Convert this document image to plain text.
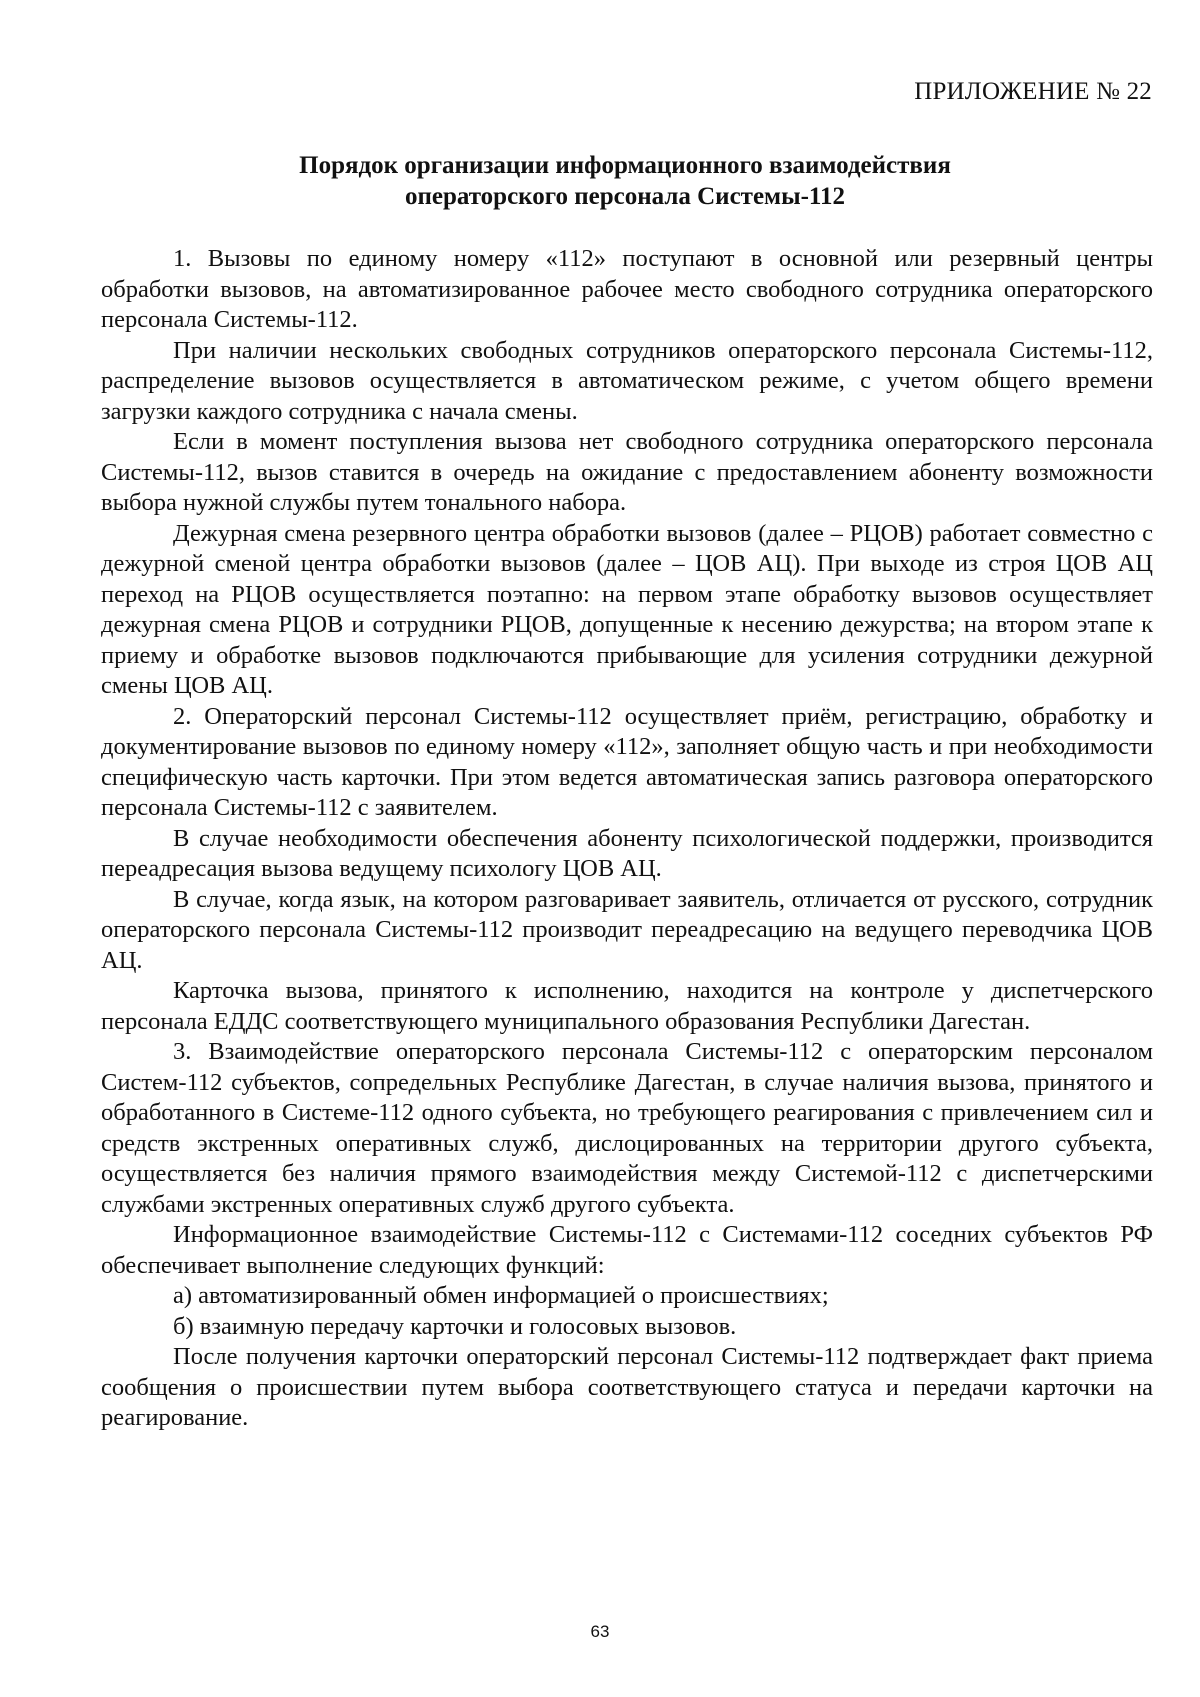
ПРИЛОЖЕНИЕ № 22
Порядок организации информационного взаимодействия
операторского персонала Системы-112

1. Вызовы по единому номеру «112» поступают в основной или резервный центры обработки вызовов, на автоматизированное рабочее место свободного сотрудника операторского персонала Системы-112.

При наличии нескольких свободных сотрудников операторского персонала Системы-112, распределение вызовов осуществляется в автоматическом режиме, с учетом общего времени загрузки каждого сотрудника с начала смены.

Если в момент поступления вызова нет свободного сотрудника операторского персонала Системы-112, вызов ставится в очередь на ожидание с предоставлением абоненту возможности выбора нужной службы путем тонального набора.

Дежурная смена резервного центра обработки вызовов (далее – РЦОВ) работает совместно с дежурной сменой центра обработки вызовов (далее – ЦОВ АЦ). При выходе из строя ЦОВ АЦ переход на РЦОВ осуществляется поэтапно: на первом этапе обработку вызовов осуществляет дежурная смена РЦОВ и сотрудники РЦОВ, допущенные к несению дежурства; на втором этапе к приему и обработке вызовов подключаются прибывающие для усиления сотрудники дежурной смены ЦОВ АЦ.

2. Операторский персонал Системы-112 осуществляет приём, регистрацию, обработку и документирование вызовов по единому номеру «112», заполняет общую часть и при необходимости специфическую часть карточки. При этом ведется автоматическая запись разговора операторского персонала Системы-112 с заявителем.

В случае необходимости обеспечения абоненту психологической поддержки, производится переадресация вызова ведущему психологу ЦОВ АЦ.

В случае, когда язык, на котором разговаривает заявитель, отличается от русского, сотрудник операторского персонала Системы-112 производит переадресацию на ведущего переводчика ЦОВ АЦ.

Карточка вызова, принятого к исполнению, находится на контроле у диспетчерского персонала ЕДДС соответствующего муниципального образования Республики Дагестан.

3. Взаимодействие операторского персонала Системы-112 с операторским персоналом Систем-112 субъектов, сопредельных Республике Дагестан, в случае наличия вызова, принятого и обработанного в Системе-112 одного субъекта, но требующего реагирования с привлечением сил и средств экстренных оперативных служб, дислоцированных на территории другого субъекта, осуществляется без наличия прямого взаимодействия между Системой-112 с диспетчерскими службами экстренных оперативных служб другого субъекта.

Информационное взаимодействие Системы-112 с Системами-112 соседних субъектов РФ обеспечивает выполнение следующих функций:

а) автоматизированный обмен информацией о происшествиях;

б) взаимную передачу карточки и голосовых вызовов.

После получения карточки операторский персонал Системы-112 подтверждает факт приема сообщения о происшествии путем выбора соответствующего статуса и передачи карточки на реагирование.

63
